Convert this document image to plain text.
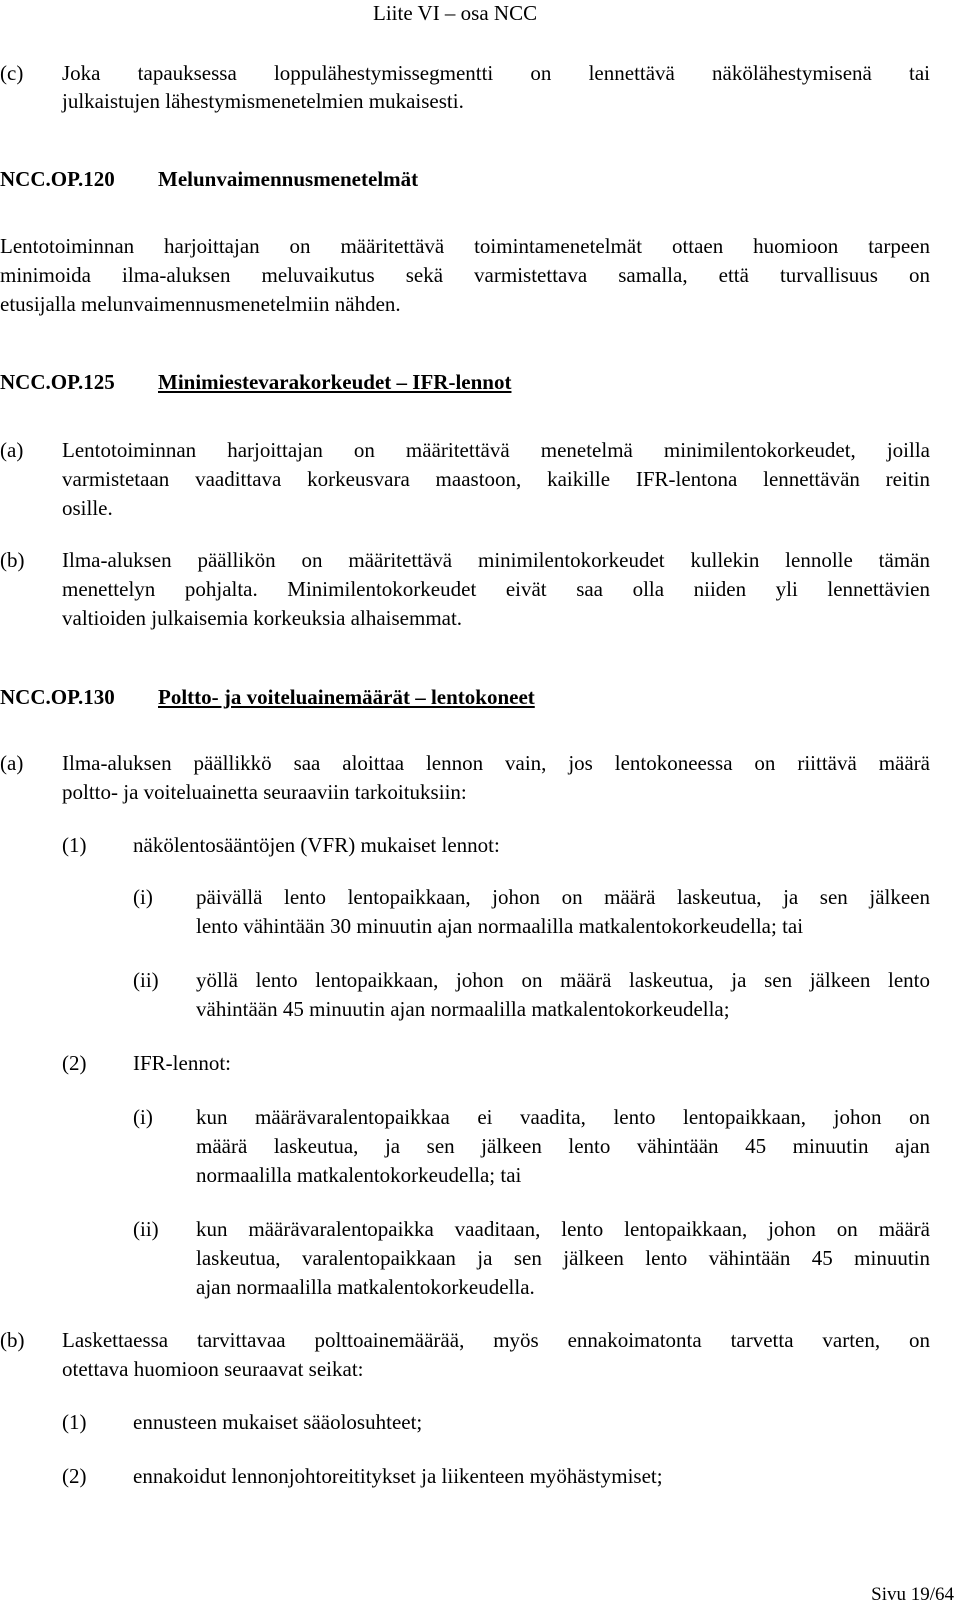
Liite VI – osa NCC
(c) Joka tapauksessa loppulähestymissegmentti on lennettävä näkölähestymisenä tai
julkaistujen lähestymismenetelmien mukaisesti.
NCC.OP.120 Melunvaimennusmenetelmät
Lentotoiminnan harjoittajan on määritettävä toimintamenetelmät ottaen huomioon tarpeen
minimoida ilma-aluksen meluvaikutus sekä varmistettava samalla, että turvallisuus on
etusijalla melunvaimennusmenetelmiin nähden.
NCC.OP.125 Minimiestevarakorkeudet – IFR-lennot
(a) Lentotoiminnan harjoittajan on määritettävä menetelmä minimilentokorkeudet, joilla
varmistetaan vaadittava korkeusvara maastoon, kaikille IFR-lentona lennettävän reitin
osille.
(b) Ilma-aluksen päällikön on määritettävä minimilentokorkeudet kullekin lennolle tämän
menettelyn pohjalta. Minimilentokorkeudet eivät saa olla niiden yli lennettävien
valtioiden julkaisemia korkeuksia alhaisemmat.
NCC.OP.130 Poltto- ja voiteluainemäärät – lentokoneet
(a) Ilma-aluksen päällikkö saa aloittaa lennon vain, jos lentokoneessa on riittävä määrä
poltto- ja voiteluainetta seuraaviin tarkoituksiin:
(1) näkölentosääntöjen (VFR) mukaiset lennot:
(i) päivällä lento lentopaikkaan, johon on määrä laskeutua, ja sen jälkeen
lento vähintään 30 minuutin ajan normaalilla matkalentokorkeudella; tai
(ii) yöllä lento lentopaikkaan, johon on määrä laskeutua, ja sen jälkeen lento
vähintään 45 minuutin ajan normaalilla matkalentokorkeudella;
(2) IFR-lennot:
(i) kun määrävaralentopaikkaa ei vaadita, lento lentopaikkaan, johon on
määrä laskeutua, ja sen jälkeen lento vähintään 45 minuutin ajan
normaalilla matkalentokorkeudella; tai
(ii) kun määrävaralentopaikka vaaditaan, lento lentopaikkaan, johon on määrä
laskeutua, varalentopaikkaan ja sen jälkeen lento vähintään 45 minuutin
ajan normaalilla matkalentokorkeudella.
(b) Laskettaessa tarvittavaa polttoainemäärää, myös ennakoimatonta tarvetta varten, on
otettava huomioon seuraavat seikat:
(1) ennusteen mukaiset sääolosuhteet;
(2) ennakoidut lennonjohtoreititykset ja liikenteen myöhästymiset;
Sivu 19/64
